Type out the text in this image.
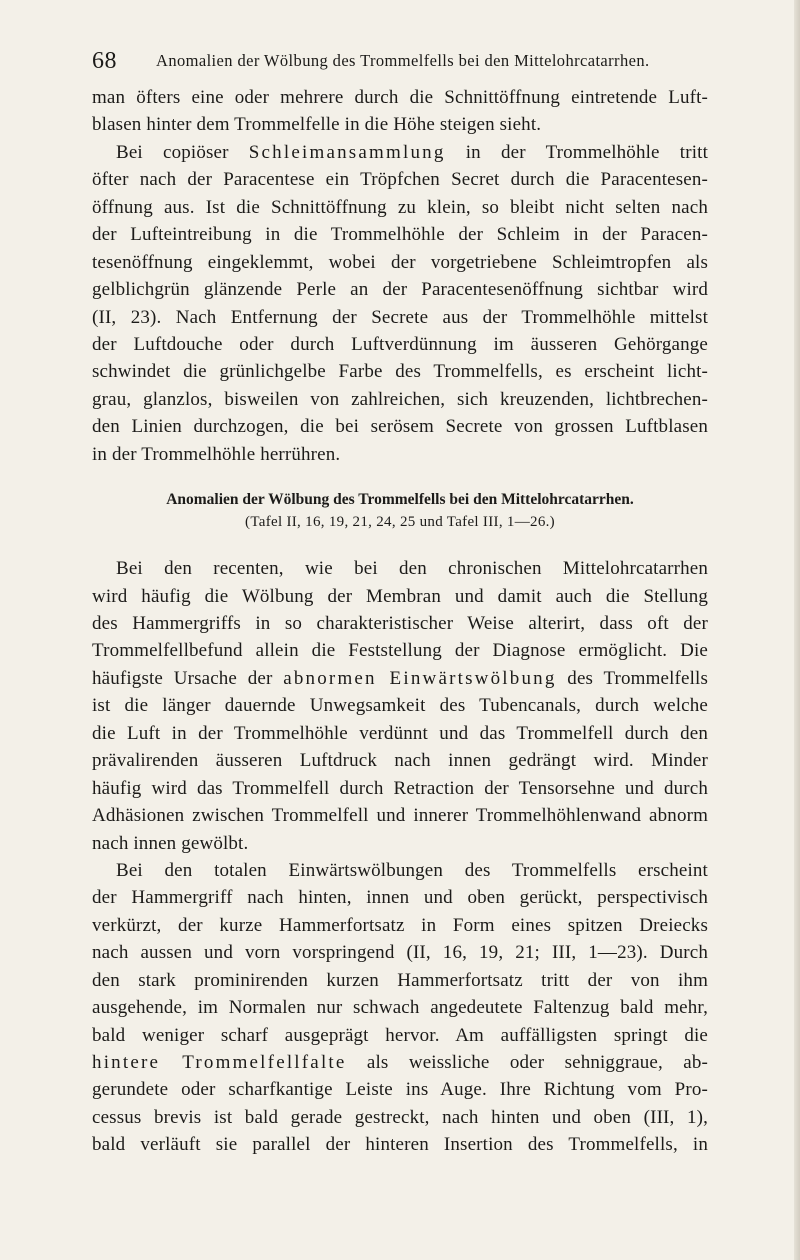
68 Anomalien der Wölbung des Trommelfells bei den Mittelohrcatarrhen.
man öfters eine oder mehrere durch die Schnittöffnung eintretende Luft-
blasen hinter dem Trommelfelle in die Höhe steigen sieht.
Bei copiöser Schleimansammlung in der Trommelhöhle tritt
öfter nach der Paracentese ein Tröpfchen Secret durch die Paracentesen-
öffnung aus. Ist die Schnittöffnung zu klein, so bleibt nicht selten nach
der Lufteintreibung in die Trommelhöhle der Schleim in der Paracen-
tesenöffnung eingeklemmt, wobei der vorgetriebene Schleimtropfen als
gelblichgrün glänzende Perle an der Paracentesenöffnung sichtbar wird
(II, 23). Nach Entfernung der Secrete aus der Trommelhöhle mittelst
der Luftdouche oder durch Luftverdünnung im äusseren Gehörgange
schwindet die grünlichgelbe Farbe des Trommelfells, es erscheint licht-
grau, glanzlos, bisweilen von zahlreichen, sich kreuzenden, lichtbrechen-
den Linien durchzogen, die bei serösem Secrete von grossen Luftblasen
in der Trommelhöhle herrühren.
Anomalien der Wölbung des Trommelfells bei den Mittelohrcatarrhen.
(Tafel II, 16, 19, 21, 24, 25 und Tafel III, 1—26.)
Bei den recenten, wie bei den chronischen Mittelohrcatarrhen
wird häufig die Wölbung der Membran und damit auch die Stellung
des Hammergriffs in so charakteristischer Weise alterirt, dass oft der
Trommelfellbefund allein die Feststellung der Diagnose ermöglicht. Die
häufigste Ursache der abnormen Einwärtswölbung des Trommelfells
ist die länger dauernde Unwegsamkeit des Tubencanals, durch welche
die Luft in der Trommelhöhle verdünnt und das Trommelfell durch den
prävalirenden äusseren Luftdruck nach innen gedrängt wird. Minder
häufig wird das Trommelfell durch Retraction der Tensorsehne und durch
Adhäsionen zwischen Trommelfell und innerer Trommelhöhlenwand abnorm
nach innen gewölbt.
Bei den totalen Einwärtswölbungen des Trommelfells erscheint
der Hammergriff nach hinten, innen und oben gerückt, perspectivisch
verkürzt, der kurze Hammerfortsatz in Form eines spitzen Dreiecks
nach aussen und vorn vorspringend (II, 16, 19, 21; III, 1—23). Durch
den stark prominirenden kurzen Hammerfortsatz tritt der von ihm
ausgehende, im Normalen nur schwach angedeutete Faltenzug bald mehr,
bald weniger scharf ausgeprägt hervor. Am auffälligsten springt die
hintere Trommelfellfalte als weissliche oder sehniggraue, ab-
gerundete oder scharfkantige Leiste ins Auge. Ihre Richtung vom Pro-
cessus brevis ist bald gerade gestreckt, nach hinten und oben (III, 1),
bald verläuft sie parallel der hinteren Insertion des Trommelfells, in
